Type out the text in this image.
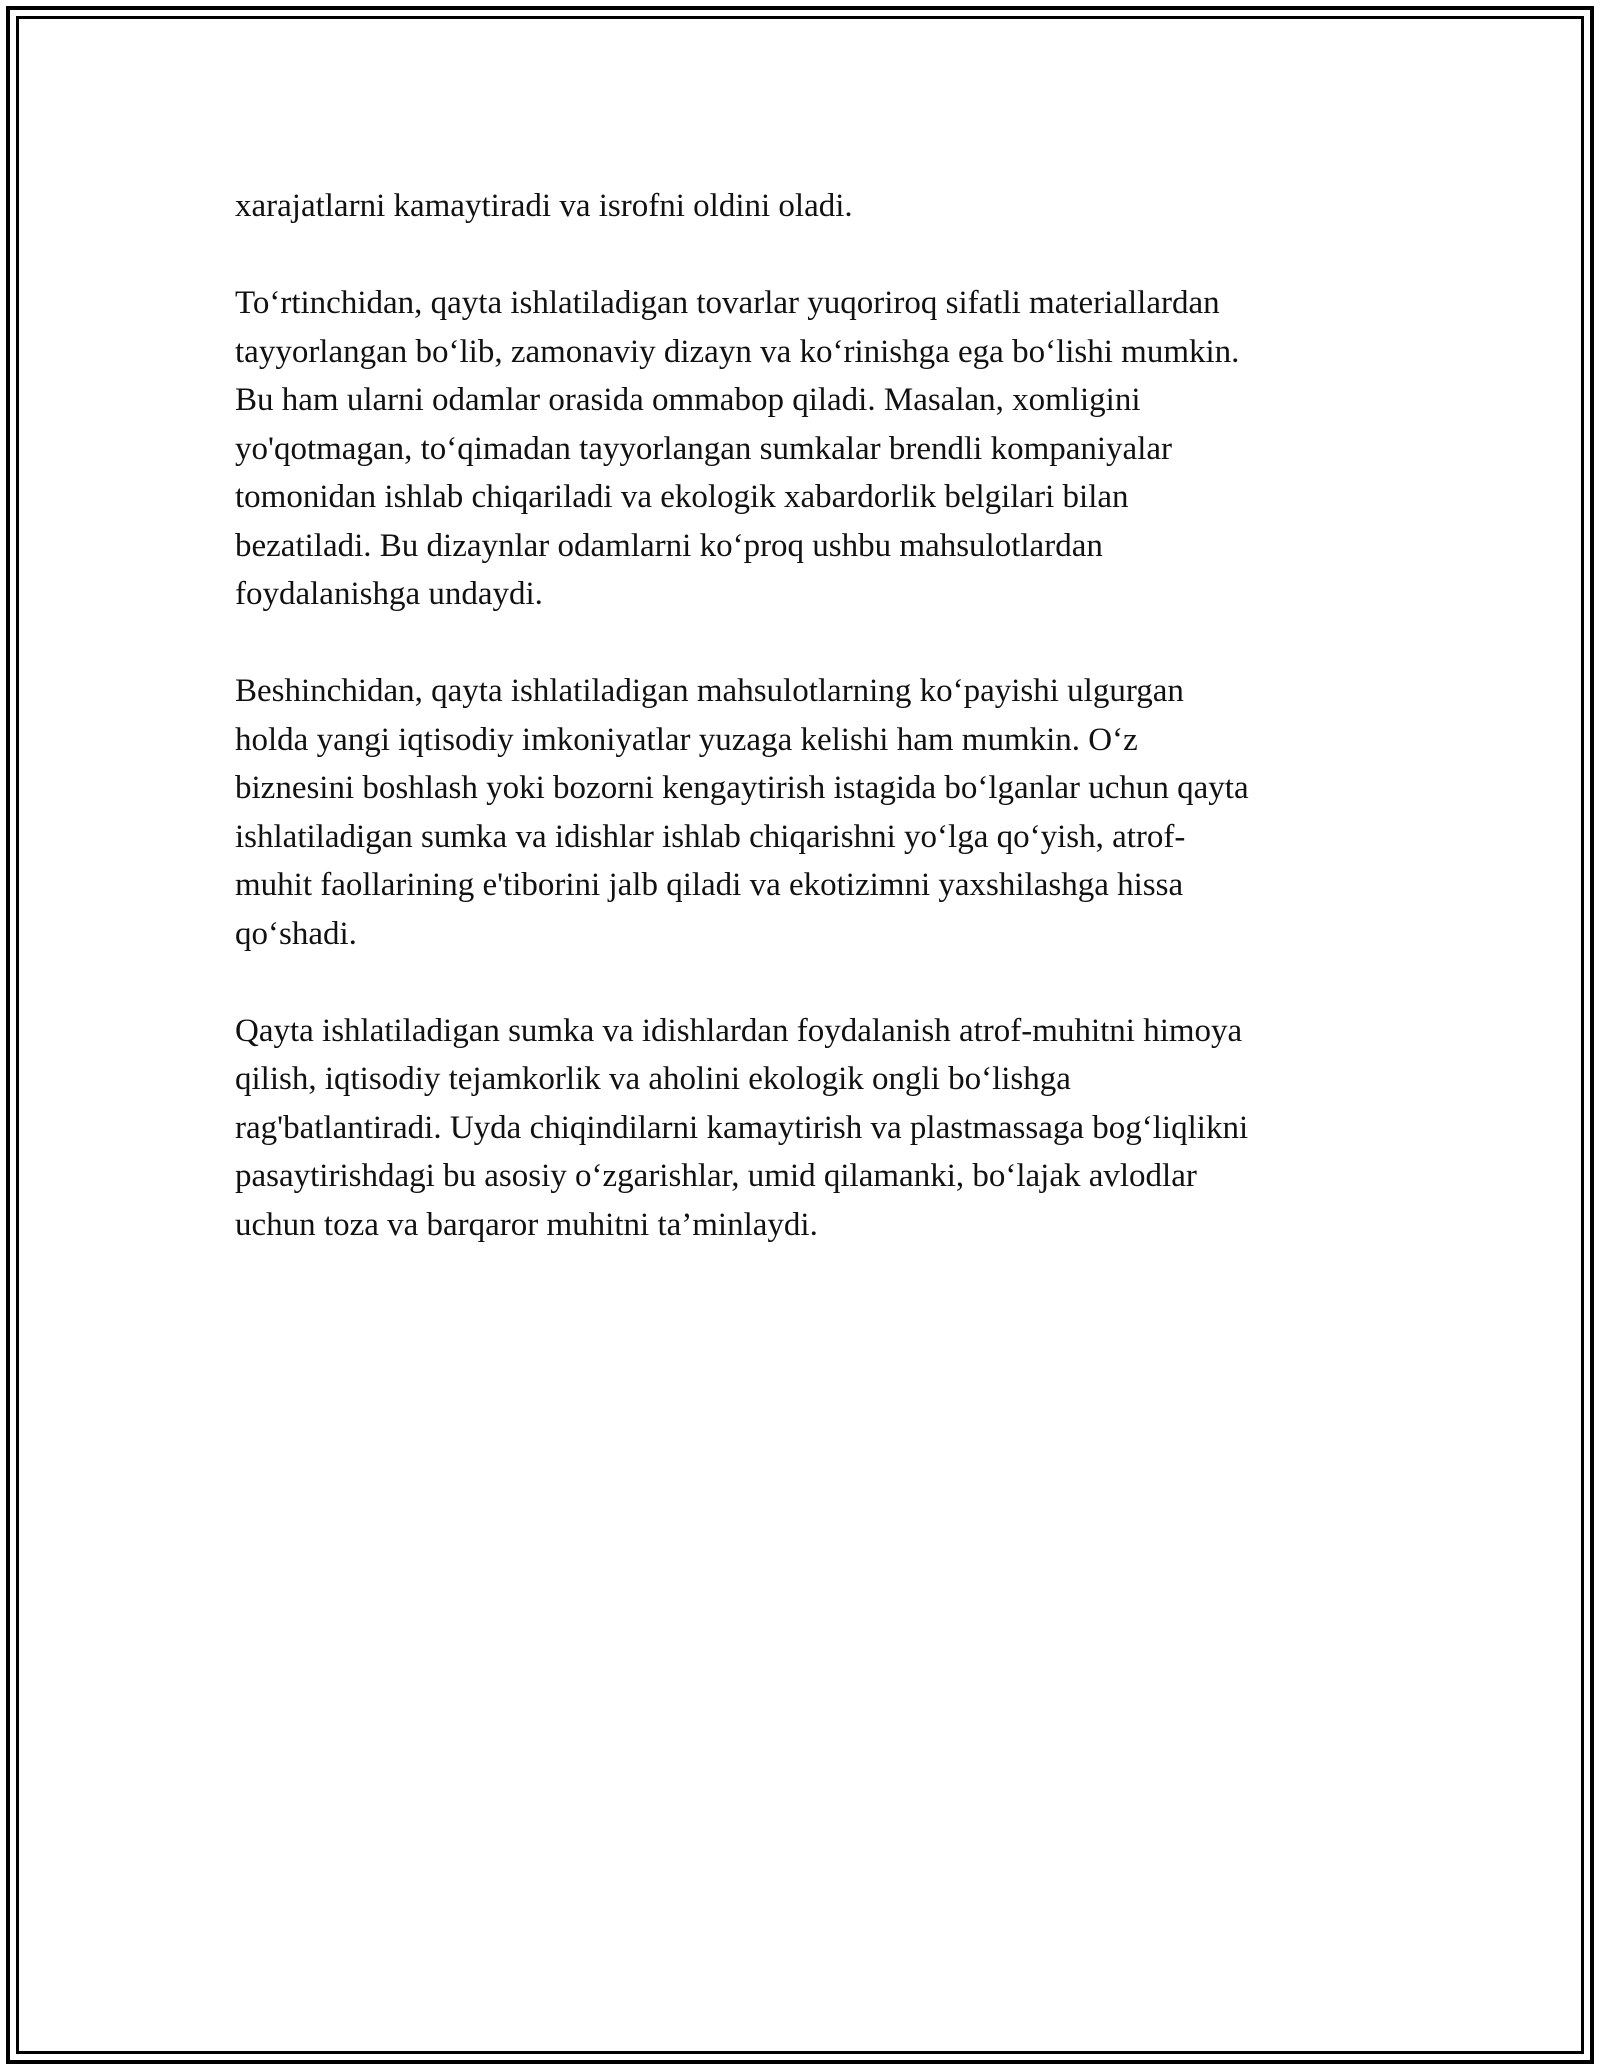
xarajatlarni kamaytiradi va isrofni oldini oladi.

To‘rtinchidan, qayta ishlatiladigan tovarlar yuqoriroq sifatli materiallardan
tayyorlangan bo‘lib, zamonaviy dizayn va ko‘rinishga ega bo‘lishi mumkin.
Bu ham ularni odamlar orasida ommabop qiladi. Masalan, xomligini
yo'qotmagan, to‘qimadan tayyorlangan sumkalar brendli kompaniyalar
tomonidan ishlab chiqariladi va ekologik xabardorlik belgilari bilan
bezatiladi. Bu dizaynlar odamlarni ko‘proq ushbu mahsulotlardan
foydalanishga undaydi.

Beshinchidan, qayta ishlatiladigan mahsulotlarning ko‘payishi ulgurgan
holda yangi iqtisodiy imkoniyatlar yuzaga kelishi ham mumkin. O‘z
biznesini boshlash yoki bozorni kengaytirish istagida bo‘lganlar uchun qayta
ishlatiladigan sumka va idishlar ishlab chiqarishni yo‘lga qo‘yish, atrof-
muhit faollarining e'tiborini jalb qiladi va ekotizimni yaxshilashga hissa
qo‘shadi.

Qayta ishlatiladigan sumka va idishlardan foydalanish atrof-muhitni himoya
qilish, iqtisodiy tejamkorlik va aholini ekologik ongli bo‘lishga
rag'batlantiradi. Uyda chiqindilarni kamaytirish va plastmassaga bog‘liqlikni
pasaytirishdagi bu asosiy o‘zgarishlar, umid qilamanki, bo‘lajak avlodlar
uchun toza va barqaror muhitni ta’minlaydi.
